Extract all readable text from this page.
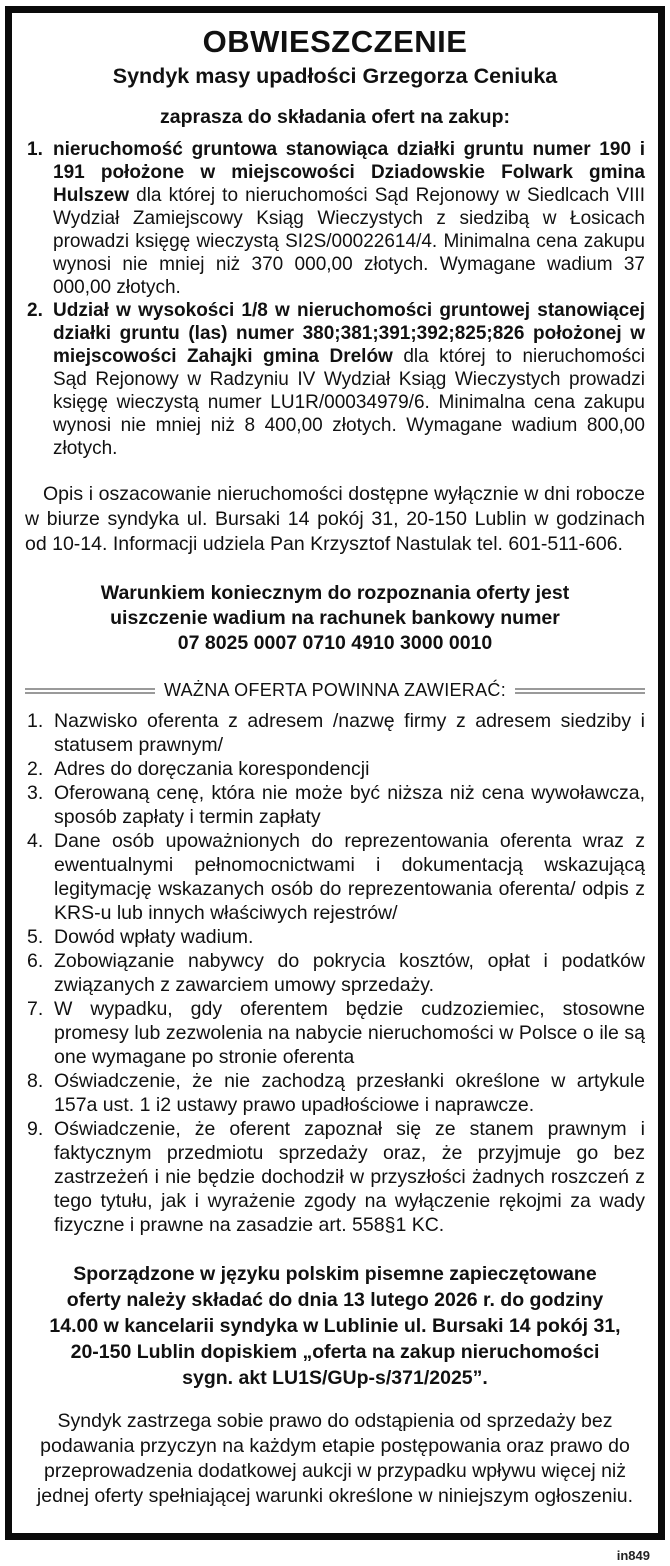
OBWIESZCZENIE
Syndyk masy upadłości Grzegorza Ceniuka
zaprasza do składania ofert na zakup:
1. nieruchomość gruntowa stanowiąca działki gruntu numer 190 i 191 położone w miejscowości Dziadowskie Folwark gmina Hulszew dla której to nieruchomości Sąd Rejonowy w Siedlcach VIII Wydział Zamiejscowy Ksiąg Wieczystych z siedzibą w Łosicach prowadzi księgę wieczystą SI2S/00022614/4. Minimalna cena zakupu wynosi nie mniej niż 370 000,00 złotych. Wymagane wadium 37 000,00 złotych.
2. Udział w wysokości 1/8 w nieruchomości gruntowej stanowiącej działki gruntu (las) numer 380;381;391;392;825;826 położonej w miejscowości Zahajki gmina Drelów dla której to nieruchomości Sąd Rejonowy w Radzyniu IV Wydział Ksiąg Wieczystych prowadzi księgę wieczystą numer LU1R/00034979/6. Minimalna cena zakupu wynosi nie mniej niż 8 400,00 złotych. Wymagane wadium 800,00 złotych.

Opis i oszacowanie nieruchomości dostępne wyłącznie w dni robocze w biurze syndyka ul. Bursaki 14 pokój 31, 20-150 Lublin w godzinach od 10-14. Informacji udziela Pan Krzysztof Nastulak tel. 601-511-606.

Warunkiem koniecznym do rozpoznania oferty jest
uiszczenie wadium na rachunek bankowy numer
07 8025 0007 0710 4910 3000 0010
WAŻNA OFERTA POWINNA ZAWIERAĆ:
1. Nazwisko oferenta z adresem /nazwę firmy z adresem siedziby i statusem prawnym/
2. Adres do doręczania korespondencji
3. Oferowaną cenę, która nie może być niższa niż cena wywoławcza, sposób zapłaty i termin zapłaty
4. Dane osób upoważnionych do reprezentowania oferenta wraz z ewentualnymi pełnomocnictwami i dokumentacją wskazującą legitymację wskazanych osób do reprezentowania oferenta/ odpis z KRS-u lub innych właściwych rejestrów/
5. Dowód wpłaty wadium.
6. Zobowiązanie nabywcy do pokrycia kosztów, opłat i podatków związanych z zawarciem umowy sprzedaży.
7. W wypadku, gdy oferentem będzie cudzoziemiec, stosowne promesy lub zezwolenia na nabycie nieruchomości w Polsce o ile są one wymagane po stronie oferenta
8. Oświadczenie, że nie zachodzą przesłanki określone w artykule 157a ust. 1 i2 ustawy prawo upadłościowe i naprawcze.
9. Oświadczenie, że oferent zapoznał się ze stanem prawnym i faktycznym przedmiotu sprzedaży oraz, że przyjmuje go bez zastrzeżeń i nie będzie dochodził w przyszłości żadnych roszczeń z tego tytułu, jak i wyrażenie zgody na wyłączenie rękojmi za wady fizyczne i prawne na zasadzie art. 558§1 KC.
Sporządzone w języku polskim pisemne zapieczętowane
oferty należy składać do dnia 13 lutego 2026 r. do godziny
14.00 w kancelarii syndyka w Lublinie ul. Bursaki 14 pokój 31,
20-150 Lublin dopiskiem „oferta na zakup nieruchomości
sygn. akt LU1S/GUp-s/371/2025”.

Syndyk zastrzega sobie prawo do odstąpienia od sprzedaży bez podawania przyczyn na każdym etapie postępowania oraz prawo do przeprowadzenia dodatkowej aukcji w przypadku wpływu więcej niż jednej oferty spełniającej warunki określone w niniejszym ogłoszeniu.

in849
